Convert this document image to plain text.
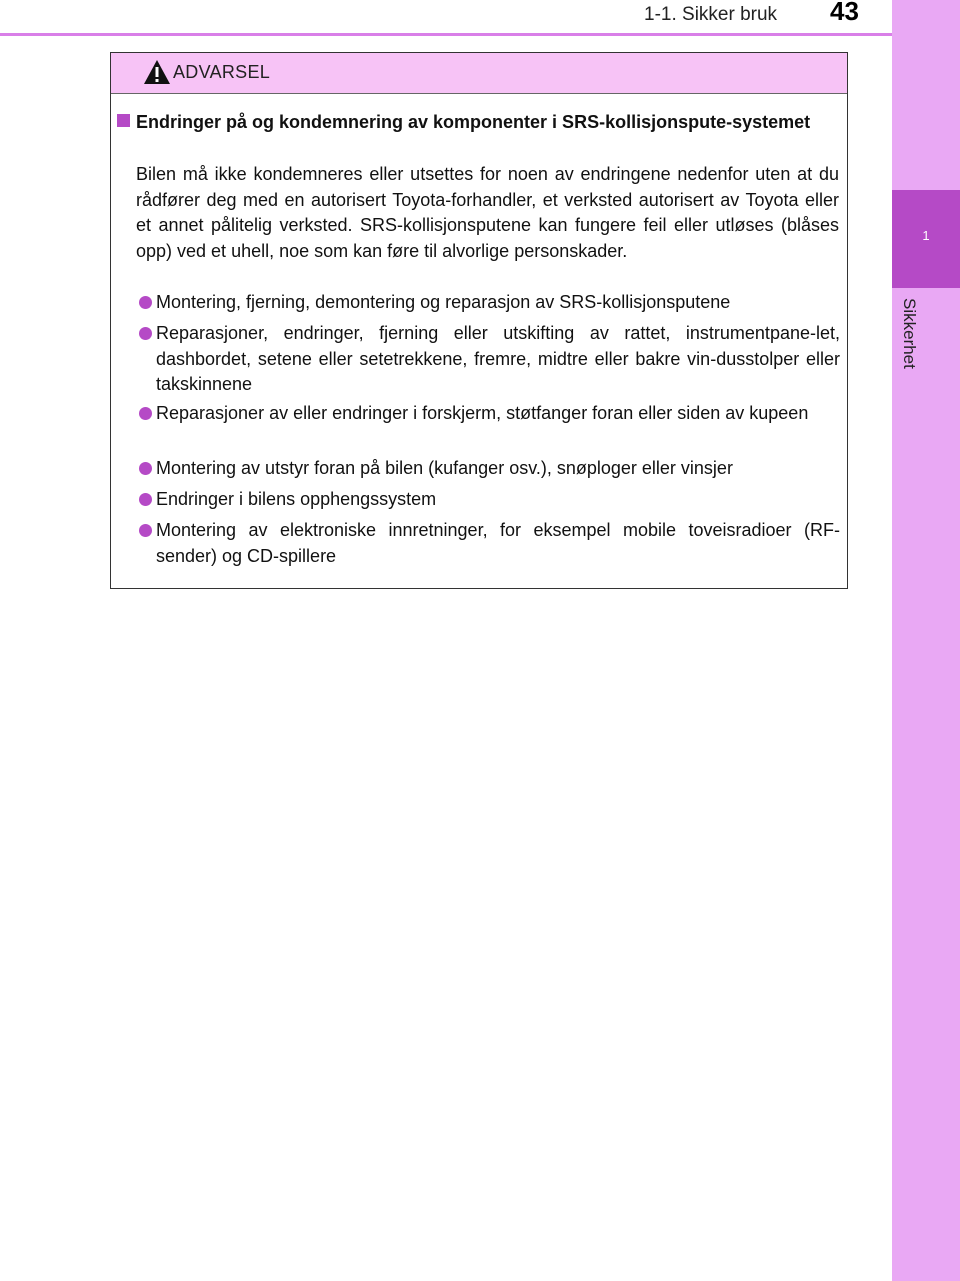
1-1. Sikker bruk 43
1
Sikkerhet
ADVARSEL
Endringer på og kondemnering av komponenter i SRS-kollisjonspute-systemet
Bilen må ikke kondemneres eller utsettes for noen av endringene nedenfor uten at du rådfører deg med en autorisert Toyota-forhandler, et verksted autorisert av Toyota eller et annet pålitelig verksted. SRS-kollisjonsputene kan fungere feil eller utløses (blåses opp) ved et uhell, noe som kan føre til alvorlige personskader.
Montering, fjerning, demontering og reparasjon av SRS-kollisjonsputene
Reparasjoner, endringer, fjerning eller utskifting av rattet, instrumentpane-let, dashbordet, setene eller setetrekkene, fremre, midtre eller bakre vin-dusstolper eller takskinnene
Reparasjoner av eller endringer i forskjerm, støtfanger foran eller siden av kupeen
Montering av utstyr foran på bilen (kufanger osv.), snøploger eller vinsjer
Endringer i bilens opphengssystem
Montering av elektroniske innretninger, for eksempel mobile toveisradioer (RF-sender) og CD-spillere
